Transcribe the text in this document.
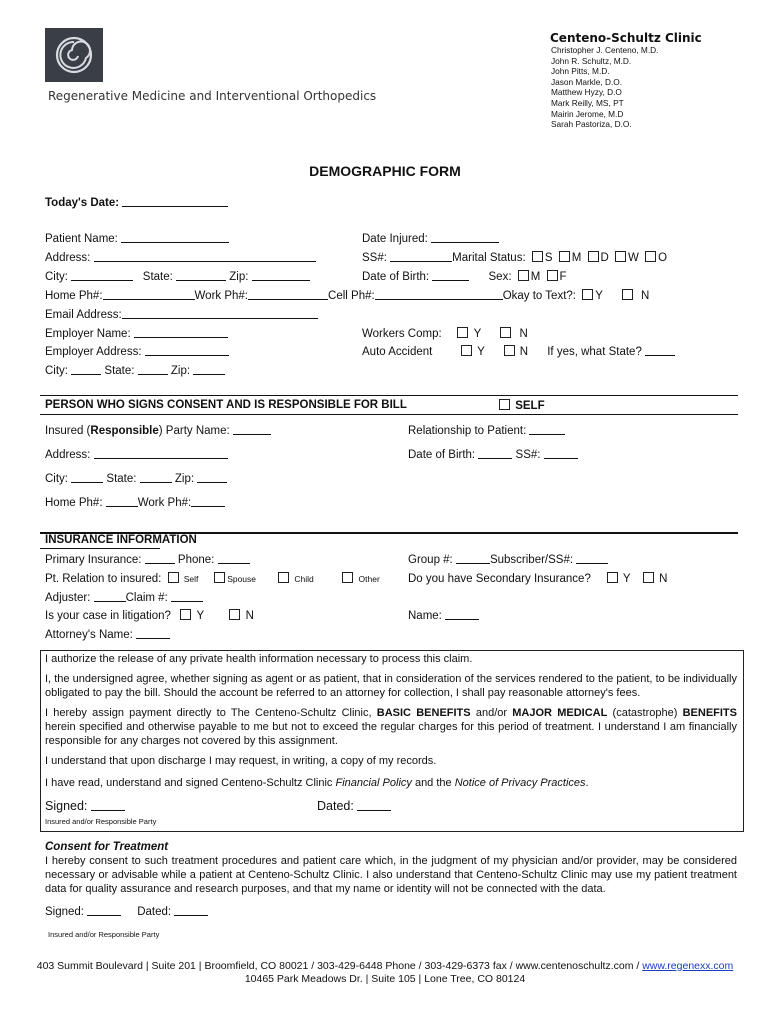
Centeno-Schultz Clinic
Christopher J. Centeno, M.D.
John R. Schultz, M.D.
John Pitts, M.D.
Jason Markle, D.O.
Matthew Hyzy, D.O
Mark Reilly, MS, PT
Mairin Jerome, M.D
Sarah Pastoriza, D.O.
Regenerative Medicine and Interventional Orthopedics
DEMOGRAPHIC FORM
Today's Date:
Patient Name:	Date Injured:
Address:	SS#:	Marital Status: S M D W O
City:	State:	Zip:	Date of Birth:	Sex: M F
Home Ph#:	Work Ph#:	Cell Ph#:	Okay to Text?: Y	N
Email Address:
Employer Name:	Workers Comp:	Y	N
Employer Address:	Auto Accident	Y	N If yes, what State?
City:	State:	Zip:
PERSON WHO SIGNS CONSENT AND IS RESPONSIBLE FOR BILL	SELF
Insured (Responsible) Party Name:	Relationship to Patient:
Address:	Date of Birth:	SS#:
City:	State:	Zip:
Home Ph#:	Work Ph#:
INSURANCE INFORMATION
Primary Insurance:	Phone:	Group #:	Subscriber/SS#:
Pt. Relation to insured:	Self	Spouse	Child	Other Do you have Secondary Insurance?	Y	N
Adjuster:	Claim #:
Is your case in litigation? Y	N	Name:
Attorney's Name:
I authorize the release of any private health information necessary to process this claim.
I, the undersigned agree, whether signing as agent or as patient, that in consideration of the services rendered to the patient, to be individually obligated to pay the bill. Should the account be referred to an attorney for collection, I shall pay reasonable attorney's fees.
I hereby assign payment directly to The Centeno-Schultz Clinic, BASIC BENEFITS and/or MAJOR MEDICAL (catastrophe) BENEFITS herein specified and otherwise payable to me but not to exceed the regular charges for this period of treatment. I understand I am financially responsible for any charges not covered by this assignment.
I understand that upon discharge I may request, in writing, a copy of my records.
I have read, understand and signed Centeno-Schultz Clinic Financial Policy and the Notice of Privacy Practices.
Signed:	Dated:
Insured and/or Responsible Party
Consent for Treatment
I hereby consent to such treatment procedures and patient care which, in the judgment of my physician and/or provider, may be considered necessary or advisable while a patient at Centeno-Schultz Clinic. I also understand that Centeno-Schultz Clinic may use my patient treatment data for quality assurance and research purposes, and that my name or identity will not be connected with the data.
Signed:	Dated:
Insured and/or Responsible Party
403 Summit Boulevard | Suite 201 | Broomfield, CO 80021 / 303-429-6448 Phone / 303-429-6373 fax / www.centenoschultz.com / www.regenexx.com
10465 Park Meadows Dr. | Suite 105 | Lone Tree, CO 80124
